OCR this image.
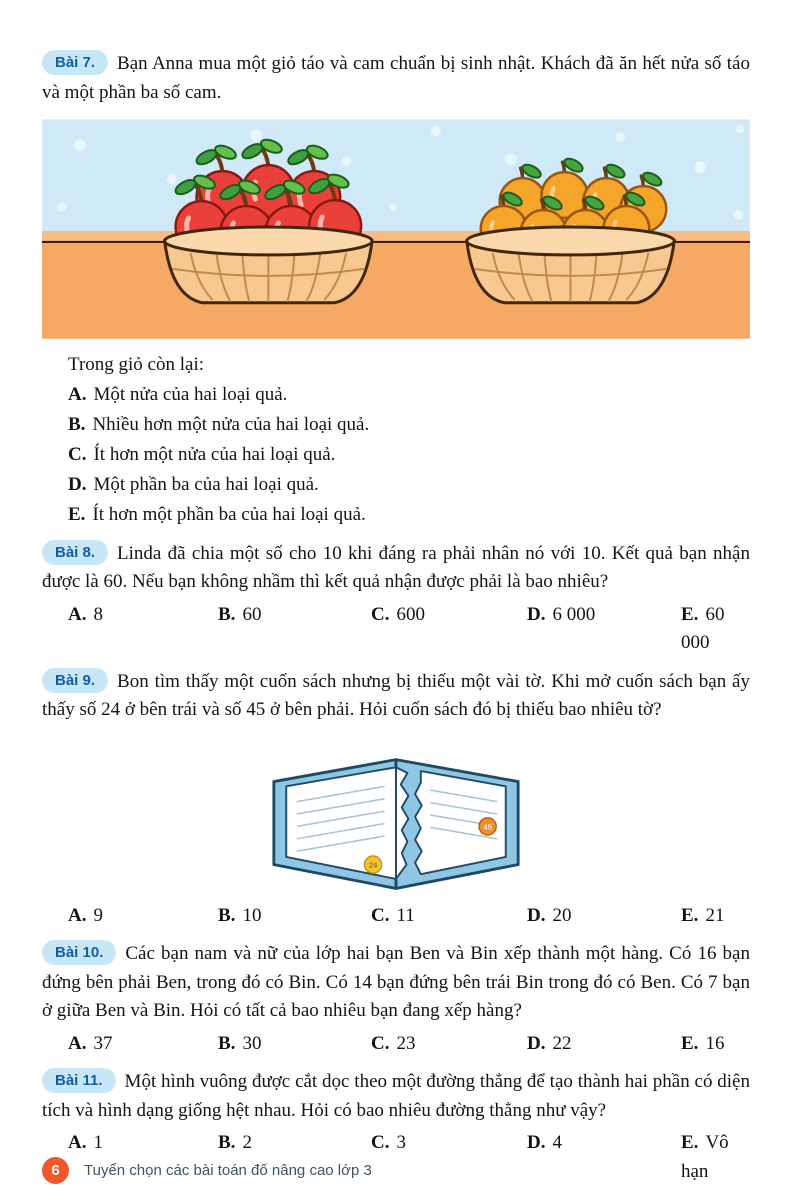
Bài 7. Bạn Anna mua một giỏ táo và cam chuẩn bị sinh nhật. Khách đã ăn hết nửa số táo và một phần ba số cam.

Trong giỏ còn lại:

A. Một nửa của hai loại quả.

B. Nhiều hơn một nửa của hai loại quả.

C. Ít hơn một nửa của hai loại quả.

D. Một phần ba của hai loại quả.

E. Ít hơn một phần ba của hai loại quả.

Bài 8. Linda đã chia một số cho 10 khi đáng ra phải nhân nó với 10. Kết quả bạn nhận được là 60. Nếu bạn không nhầm thì kết quả nhận được phải là bao nhiêu?

A. 8	B. 60	C. 600	D. 6 000	E. 60 000

Bài 9. Bon tìm thấy một cuốn sách nhưng bị thiếu một vài tờ. Khi mở cuốn sách bạn ấy thấy số 24 ở bên trái và số 45 ở bên phải. Hỏi cuốn sách đó bị thiếu bao nhiêu tờ?

24
45
A. 9	B. 10	C. 11	D. 20	E. 21

Bài 10. Các bạn nam và nữ của lớp hai bạn Ben và Bin xếp thành một hàng. Có 16 bạn đứng bên phải Ben, trong đó có Bin. Có 14 bạn đứng bên trái Bin trong đó có Ben. Có 7 bạn ở giữa Ben và Bin. Hỏi có tất cả bao nhiêu bạn đang xếp hàng?

A. 37	B. 30	C. 23	D. 22	E. 16

Bài 11. Một hình vuông được cắt dọc theo một đường thẳng để tạo thành hai phần có diện tích và hình dạng giống hệt nhau. Hỏi có bao nhiêu đường thẳng như vậy?

A. 1	B. 2	C. 3	D. 4	E. Vô hạn
6	Tuyển chọn các bài toán đố nâng cao lớp 3
